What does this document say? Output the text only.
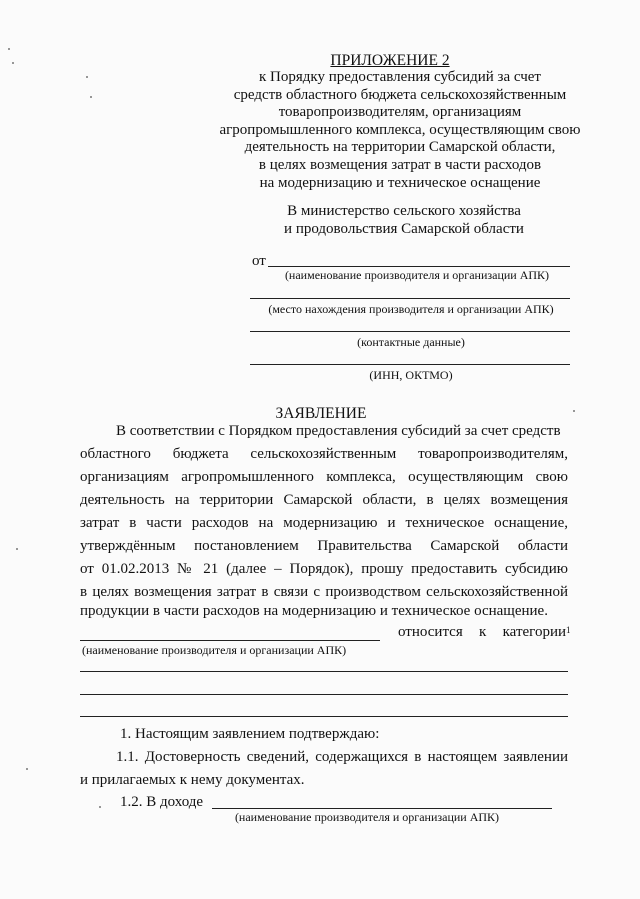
ПРИЛОЖЕНИЕ 2
к Порядку предоставления субсидий за счет
средств областного бюджета сельскохозяйственным
товаропроизводителям, организациям
агропромышленного комплекса, осуществляющим свою
деятельность на территории Самарской области,
в целях возмещения затрат в части расходов
на модернизацию и техническое оснащение
В министерство сельского хозяйства
и продовольствия Самарской области
от
(наименование производителя и организации АПК)
(место нахождения производителя и организации АПК)
(контактные данные)
(ИНН, ОКТМО)
ЗАЯВЛЕНИЕ
В соответствии с Порядком предоставления субсидий за счет средств
областного бюджета сельскохозяйственным товаропроизводителям,
организациям агропромышленного комплекса, осуществляющим свою
деятельность на территории Самарской области, в целях возмещения
затрат в части расходов на модернизацию и техническое оснащение,
утверждённым постановлением Правительства Самарской области
от 01.02.2013 № 21 (далее – Порядок), прошу предоставить субсидию
в целях возмещения затрат в связи с производством сельскохозяйственной
продукции в части расходов на модернизацию и техническое оснащение.
относится к категории 1
(наименование производителя и организации АПК)
1. Настоящим заявлением подтверждаю:
1.1. Достоверность сведений, содержащихся в настоящем заявлении
и прилагаемых к нему документах.
1.2. В доходе
(наименование производителя и организации АПК)
